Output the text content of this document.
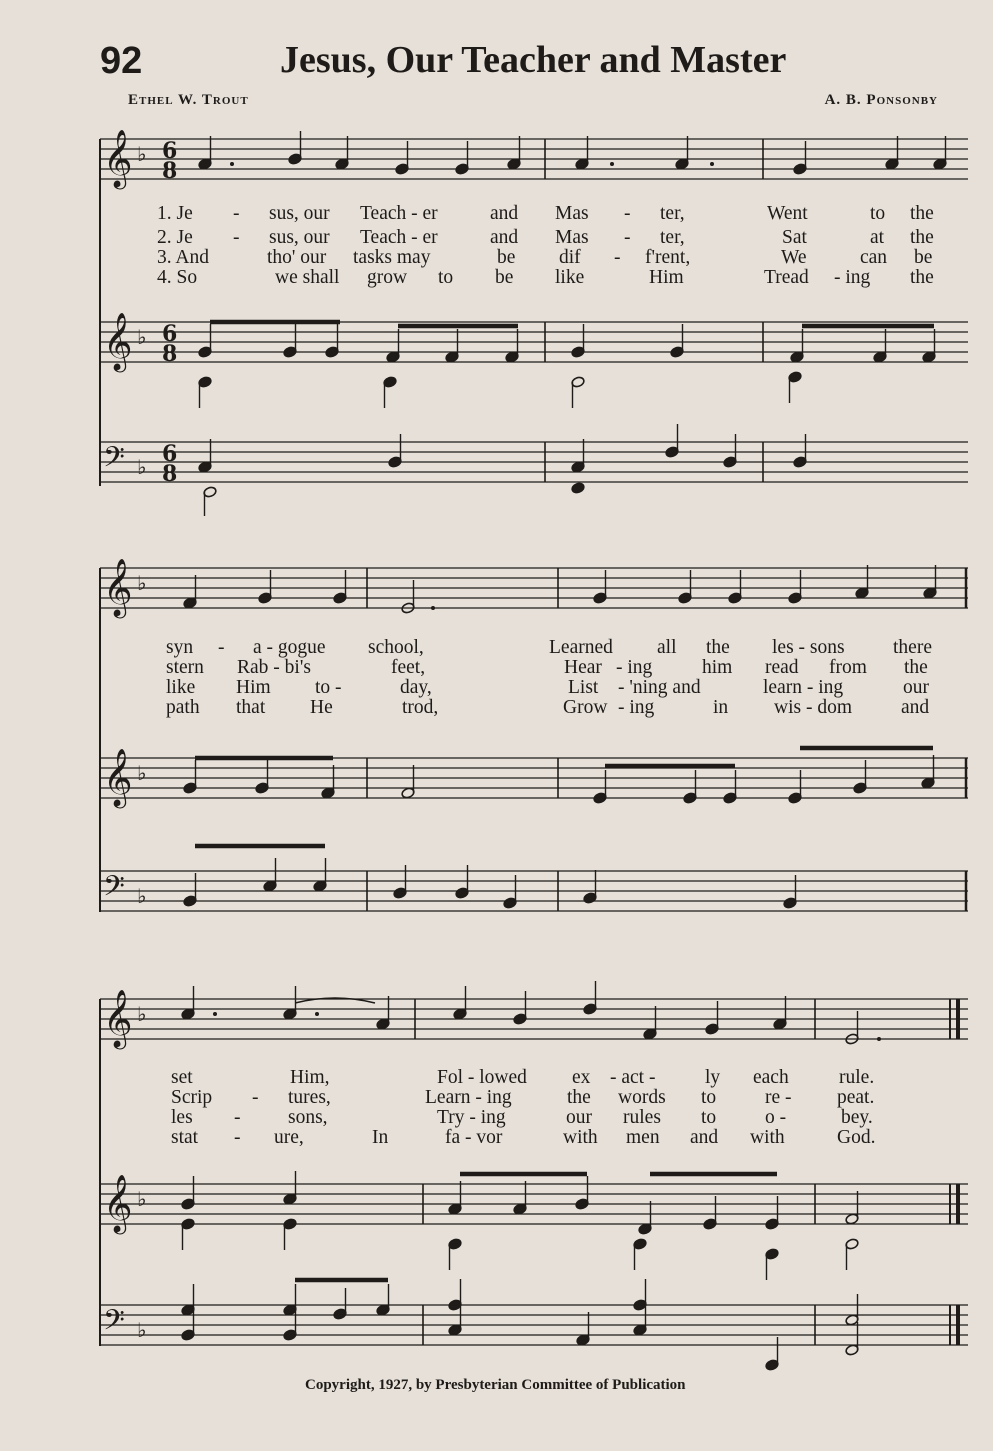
92	Jesus, Our Teacher and Master
Ethel W. Trout	A. B. Ponsonby
𝄞 ♭ 6
8
𝄞 ♭ 6
8
𝄢 ♭ 6
8
𝄞 ♭
𝄞 ♭
𝄢 ♭
𝄞 ♭
𝄞 ♭
𝄢 ♭
1. Je - sus, our Teach - er	and Mas - ter,	Went	to the
2. Je - sus, our Teach - er	and Mas - ter,	Sat	at the
3. And	tho' our tasks may	be dif - f'rent,	We	can be
4. So	we shall grow to be like	Him	Tread - ing the
syn - a - gogue school,	Learned all the les - sons there
stern Rab - bi's	feet,	Hear - ing	him read from the
like Him to -	day,	List - 'ning and	learn - ing	our
path that He	trod,	Grow - ing	in wis - dom	and
set	Him,	Fol - lowed ex - act -	ly each	rule.
Scrip - tures,	Learn - ing	the words to	re - peat.
les - sons,	Try - ing	our rules to	o -	bey.
stat - ure,	In	fa - vor	with men and with	God.
Copyright, 1927, by Presbyterian Committee of Publication
